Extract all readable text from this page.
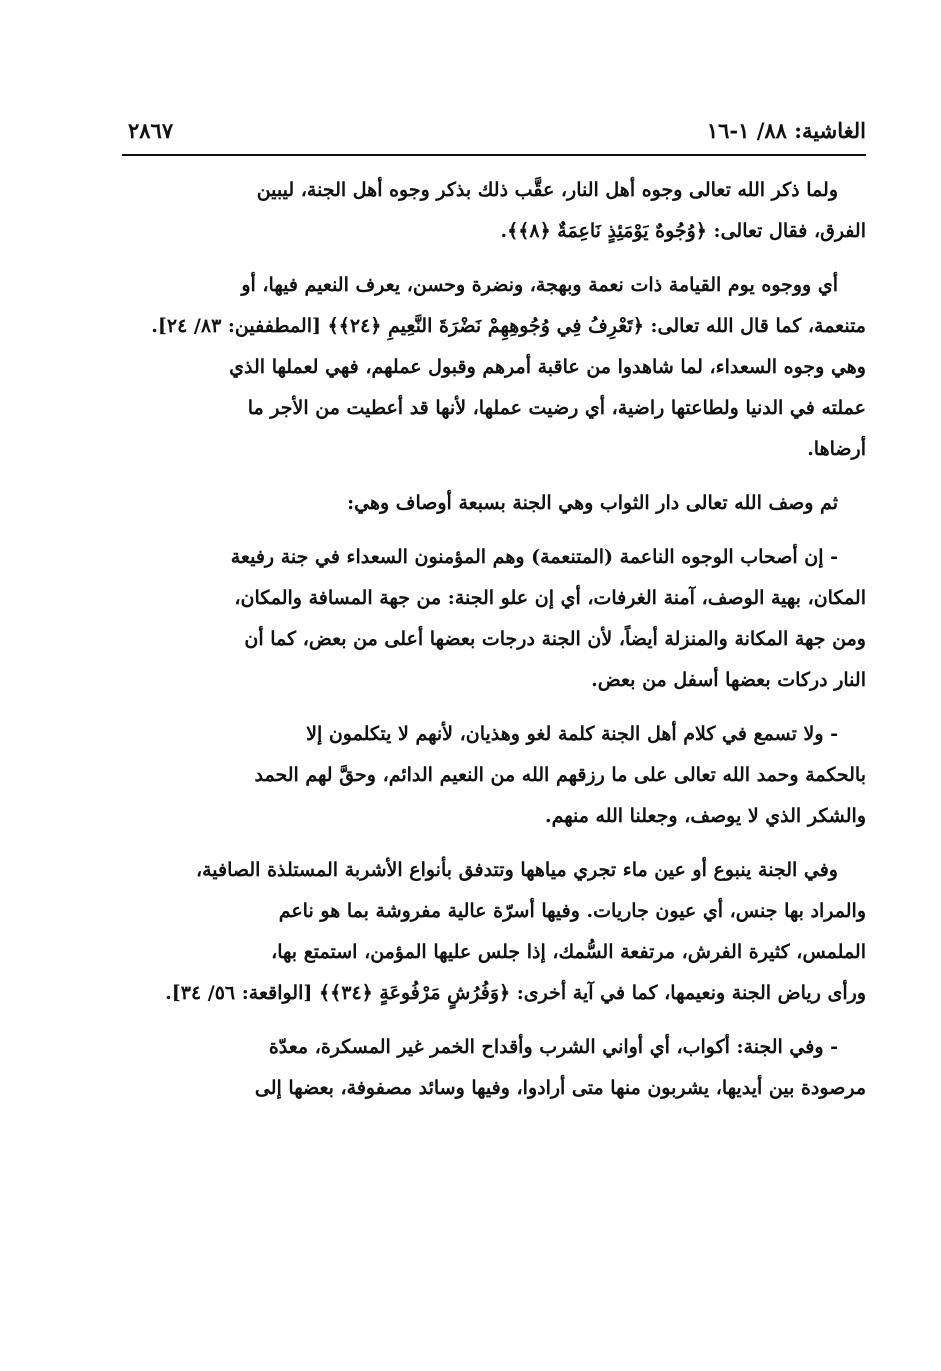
الغاشية: ٨٨/ ١-١٦
٢٨٦٧

ولما ذكر الله تعالى وجوه أهل النار، عقَّب ذلك بذكر وجوه أهل الجنة، ليبين
الفرق، فقال تعالى: ﴿وُجُوهٌ يَوْمَئِذٍ نَاعِمَةٌ ﴿٨﴾﴾.

أي ووجوه يوم القيامة ذات نعمة وبهجة، ونضرة وحسن، يعرف النعيم فيها، أو
متنعمة، كما قال الله تعالى: ﴿تَعْرِفُ فِي وُجُوهِهِمْ نَضْرَةَ النَّعِيمِ ﴿٢٤﴾﴾ [المطففين: ٨٣/ ٢٤].
وهي وجوه السعداء، لما شاهدوا من عاقبة أمرهم وقبول عملهم، فهي لعملها الذي
عملته في الدنيا ولطاعتها راضية، أي رضيت عملها، لأنها قد أعطيت من الأجر ما
أرضاها.

ثم وصف الله تعالى دار الثواب وهي الجنة بسبعة أوصاف وهي:

- إن أصحاب الوجوه الناعمة (المتنعمة) وهم المؤمنون السعداء في جنة رفيعة
المكان، بهية الوصف، آمنة الغرفات، أي إن علو الجنة: من جهة المسافة والمكان،
ومن جهة المكانة والمنزلة أيضاً، لأن الجنة درجات بعضها أعلى من بعض، كما أن
النار دركات بعضها أسفل من بعض.

- ولا تسمع في كلام أهل الجنة كلمة لغو وهذيان، لأنهم لا يتكلمون إلا
بالحكمة وحمد الله تعالى على ما رزقهم الله من النعيم الدائم، وحقَّ لهم الحمد
والشكر الذي لا يوصف، وجعلنا الله منهم.

وفي الجنة ينبوع أو عين ماء تجري مياهها وتتدفق بأنواع الأشربة المستلذة الصافية،
والمراد بها جنس، أي عيون جاريات. وفيها أسرّة عالية مفروشة بما هو ناعم
الملمس، كثيرة الفرش، مرتفعة السُّمك، إذا جلس عليها المؤمن، استمتع بها،
ورأى رياض الجنة ونعيمها، كما في آية أخرى: ﴿وَفُرُشٍ مَرْفُوعَةٍ ﴿٣٤﴾﴾ [الواقعة: ٥٦/ ٣٤].

- وفي الجنة: أكواب، أي أواني الشرب وأقداح الخمر غير المسكرة، معدّة
مرصودة بين أيديها، يشربون منها متى أرادوا، وفيها وسائد مصفوفة، بعضها إلى
